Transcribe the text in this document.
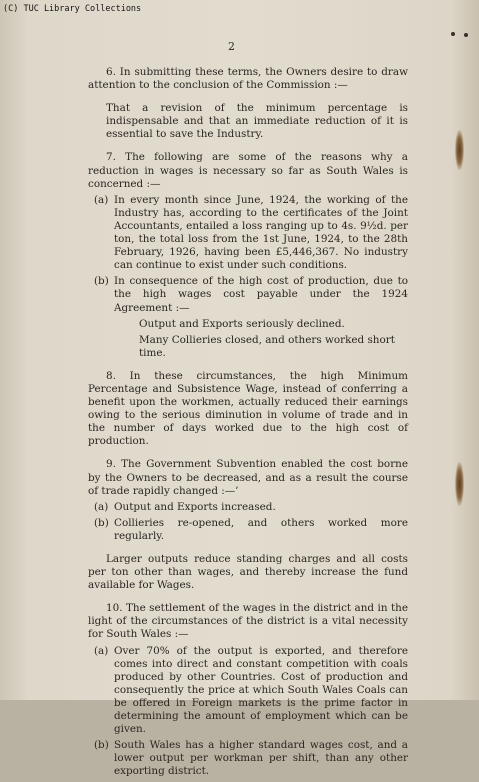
(C) TUC Library Collections
2

6. In submitting these terms, the Owners desire to draw attention to the conclusion of the Commission :—

That a revision of the minimum percentage is indispensable and that an immediate reduction of it is essential to save the Industry.

7. The following are some of the reasons why a reduction in wages is necessary so far as South Wales is concerned :—

(a) In every month since June, 1924, the working of the Industry has, according to the certificates of the Joint Accountants, entailed a loss ranging up to 4s. 9½d. per ton, the total loss from the 1st June, 1924, to the 28th February, 1926, having been £5,446,367. No industry can continue to exist under such conditions.
(b) In consequence of the high cost of production, due to the high wages cost payable under the 1924 Agreement :—

Output and Exports seriously declined.

Many Collieries closed, and others worked short time.

8. In these circumstances, the high Minimum Percentage and Subsistence Wage, instead of conferring a benefit upon the workmen, actually reduced their earnings owing to the serious diminution in volume of trade and in the number of days worked due to the high cost of production.

9. The Government Subvention enabled the cost borne by the Owners to be decreased, and as a result the course of trade rapidly changed :—’

(a) Output and Exports increased.
(b) Collieries re-opened, and others worked more regularly.

Larger outputs reduce standing charges and all costs per ton other than wages, and thereby increase the fund available for Wages.

10. The settlement of the wages in the district and in the light of the circumstances of the district is a vital necessity for South Wales :—

(a) Over 70% of the output is exported, and therefore comes into direct and constant competition with coals produced by other Countries. Cost of production and consequently the price at which South Wales Coals can be offered in Foreign markets is the prime factor in determining the amount of employment which can be given.
(b) South Wales has a higher standard wages cost, and a lower output per workman per shift, than any other exporting district.
